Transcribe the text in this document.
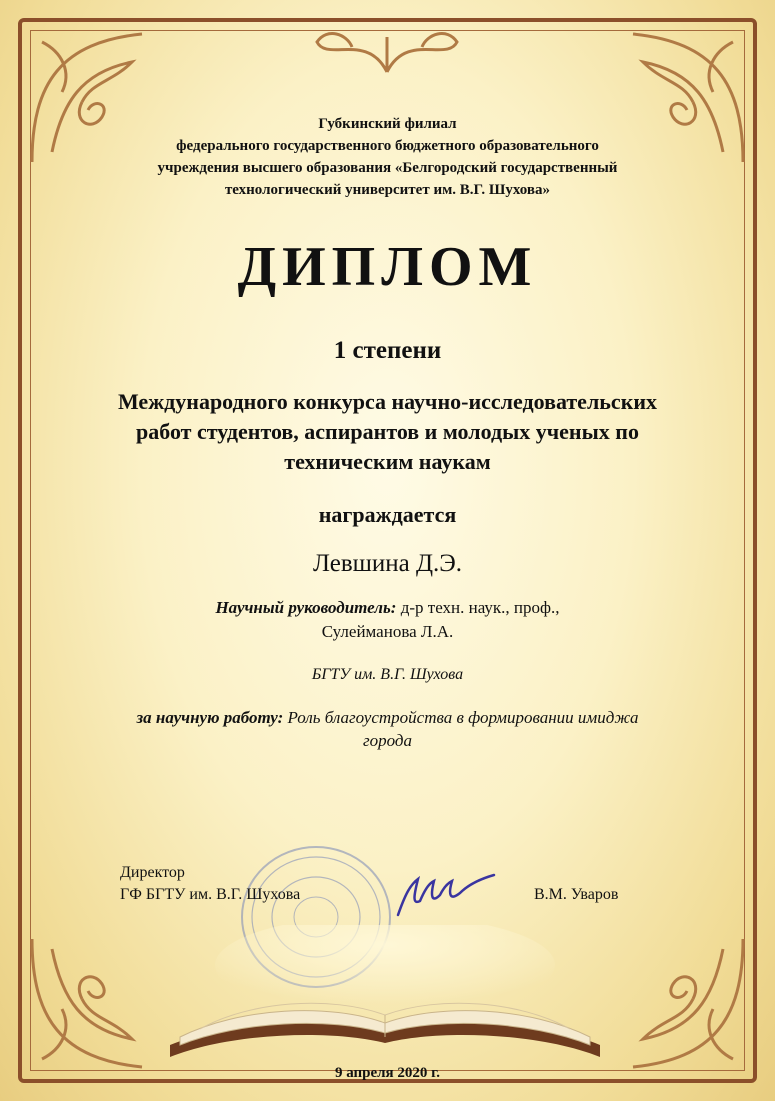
Губкинский филиал
федерального государственного бюджетного образовательного
учреждения высшего образования «Белгородский государственный
технологический университет им. В.Г. Шухова»
ДИПЛОМ
1 степени
Международного конкурса научно-исследовательских
работ студентов, аспирантов и молодых ученых по
техническим наукам
награждается
Левшина Д.Э.
Научный руководитель: д-р техн. наук., проф.,
Сулейманова Л.А.
БГТУ им. В.Г. Шухова
за научную работу: Роль благоустройства в формировании имиджа
города
Директор
ГФ БГТУ им. В.Г. Шухова	В.М. Уваров
9 апреля 2020 г.
